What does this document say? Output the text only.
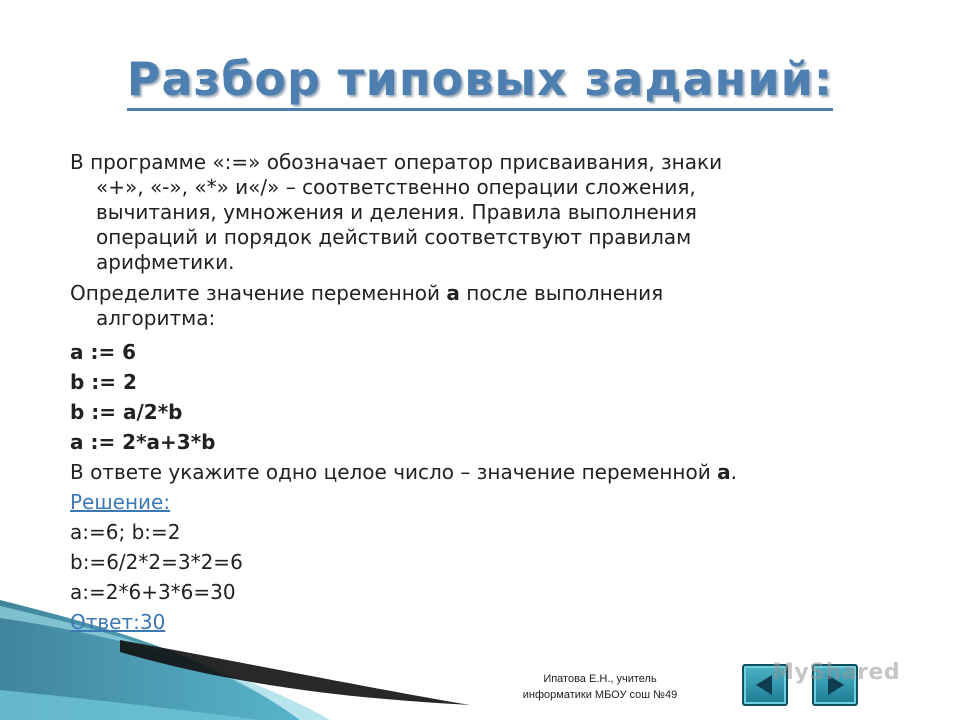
Разбор типовых заданий:
В программе «:=» обозначает оператор присваивания, знаки
«+», «-», «*» и«/» – соответственно операции сложения,
вычитания, умножения и деления. Правила выполнения
операций и порядок действий соответствуют правилам
арифметики.
Определите значение переменной а после выполнения
алгоритма:
а := 6
b := 2
b := a/2*b
a := 2*a+3*b
В ответе укажите одно целое число – значение переменной а.
Решение:
a:=6; b:=2
b:=6/2*2=3*2=6
a:=2*6+3*6=30
Ответ:30
Ипатова Е.Н., учитель
информатики МБОУ сош №49
MyShared
